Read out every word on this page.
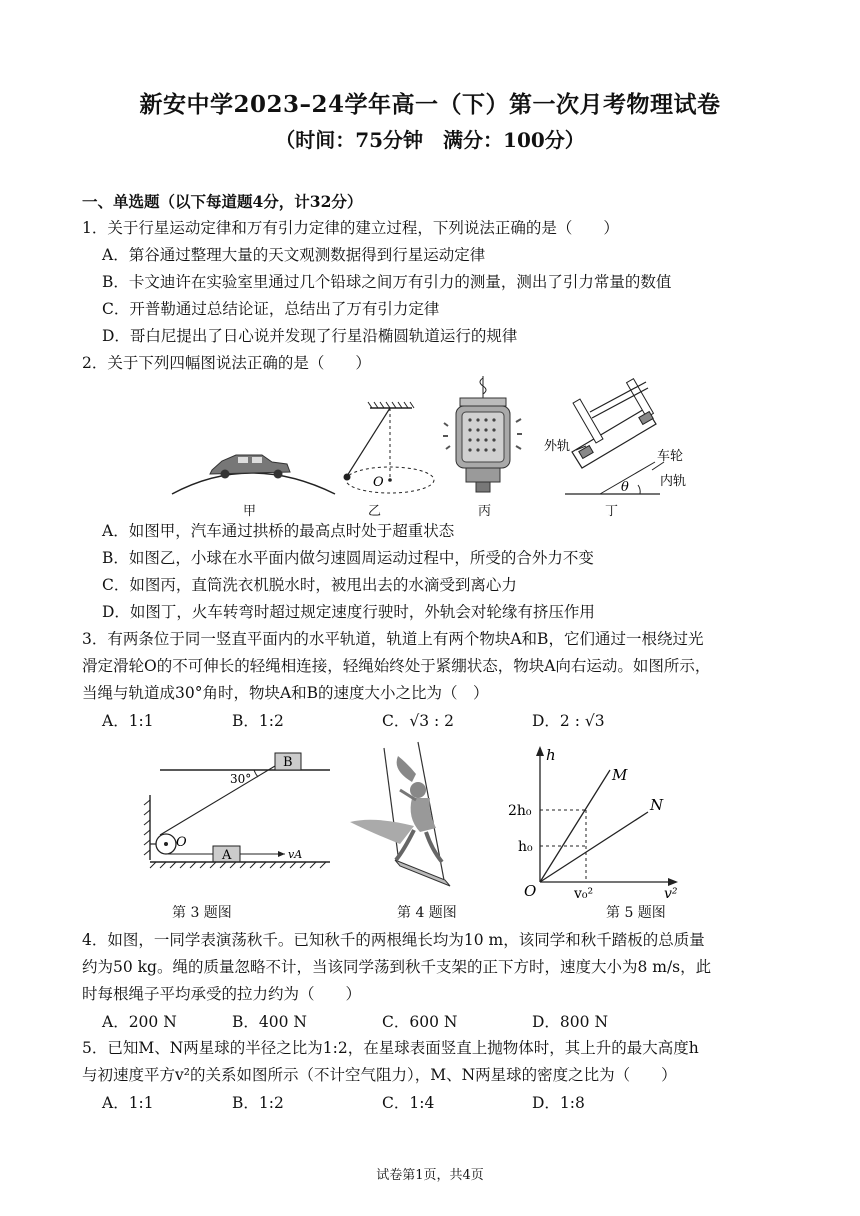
新安中学2023–24学年高一（下）第一次月考物理试卷
（时间：75分钟　满分：100分）
一、单选题（以下每道题4分，计32分）
1．关于行星运动定律和万有引力定律的建立过程，下列说法正确的是（　　）
A．第谷通过整理大量的天文观测数据得到行星运动定律
B．卡文迪许在实验室里通过几个铅球之间万有引力的测量，测出了引力常量的数值
C．开普勒通过总结论证，总结出了万有引力定律
D．哥白尼提出了日心说并发现了行星沿椭圆轨道运行的规律
2．关于下列四幅图说法正确的是（　　）
O	θ
外轨
车轮
内轨
甲	乙	丙	丁
A．如图甲，汽车通过拱桥的最高点时处于超重状态
B．如图乙，小球在水平面内做匀速圆周运动过程中，所受的合外力不变
C．如图丙，直筒洗衣机脱水时，被甩出去的水滴受到离心力
D．如图丁，火车转弯时超过规定速度行驶时，外轨会对轮缘有挤压作用
3．有两条位于同一竖直平面内的水平轨道，轨道上有两个物块A和B，它们通过一根绕过光
滑定滑轮O的不可伸长的轻绳相连接，轻绳始终处于紧绷状态，物块A向右运动。如图所示，
当绳与轨道成30°角时，物块A和B的速度大小之比为（　）
A．1:1	B．1:2	C．√3 : 2	D．2 : √3
B
O
30°
A	vA
h
v²
O
M
N
2h₀
h₀
v₀²
第 3 题图	第 4 题图	第 5 题图
4．如图，一同学表演荡秋千。已知秋千的两根绳长均为10 m，该同学和秋千踏板的总质量
约为50 kg。绳的质量忽略不计，当该同学荡到秋千支架的正下方时，速度大小为8 m/s，此
时每根绳子平均承受的拉力约为（　　）
A．200 N	B．400 N	C．600 N	D．800 N
5．已知M、N两星球的半径之比为1:2，在星球表面竖直上抛物体时，其上升的最大高度h
与初速度平方v²的关系如图所示（不计空气阻力），M、N两星球的密度之比为（　　）
A．1:1	B．1:2	C．1:4	D．1:8
试卷第1页，共4页
